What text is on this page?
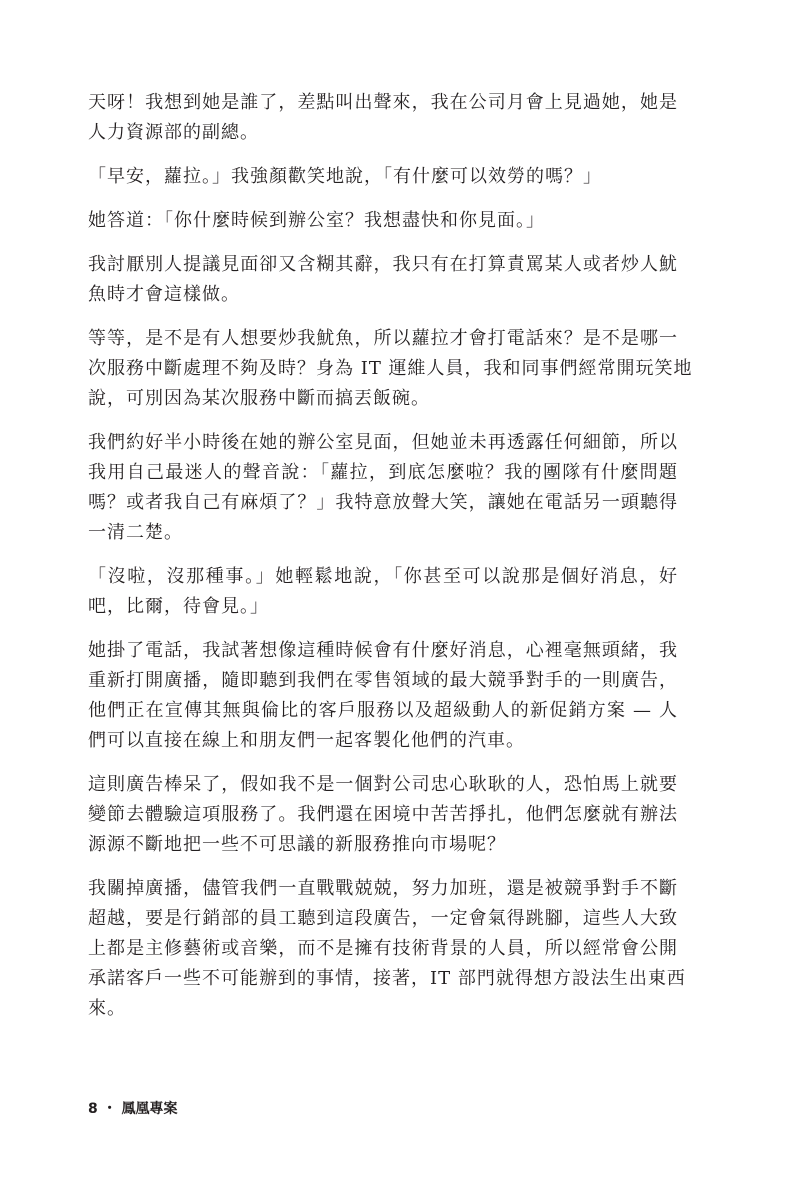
天呀！我想到她是誰了，差點叫出聲來，我在公司月會上見過她，她是
人力資源部的副總。
「早安，蘿拉。」我強顏歡笑地說，「有什麼可以效勞的嗎？」
她答道：「你什麼時候到辦公室？我想盡快和你見面。」
我討厭別人提議見面卻又含糊其辭，我只有在打算責罵某人或者炒人魷
魚時才會這樣做。
等等，是不是有人想要炒我魷魚，所以蘿拉才會打電話來？是不是哪一
次服務中斷處理不夠及時？身為 IT 運維人員，我和同事們經常開玩笑地
說，可別因為某次服務中斷而搞丟飯碗。
我們約好半小時後在她的辦公室見面，但她並未再透露任何細節，所以
我用自己最迷人的聲音說：「蘿拉，到底怎麼啦？我的團隊有什麼問題
嗎？或者我自己有麻煩了？」我特意放聲大笑，讓她在電話另一頭聽得
一清二楚。
「沒啦，沒那種事。」她輕鬆地說，「你甚至可以說那是個好消息，好
吧，比爾，待會見。」
她掛了電話，我試著想像這種時候會有什麼好消息，心裡毫無頭緒，我
重新打開廣播，隨即聽到我們在零售領域的最大競爭對手的一則廣告，
他們正在宣傳其無與倫比的客戶服務以及超級動人的新促銷方案 — 人
們可以直接在線上和朋友們一起客製化他們的汽車。
這則廣告棒呆了，假如我不是一個對公司忠心耿耿的人，恐怕馬上就要
變節去體驗這項服務了。我們還在困境中苦苦掙扎，他們怎麼就有辦法
源源不斷地把一些不可思議的新服務推向市場呢？
我關掉廣播，儘管我們一直戰戰兢兢，努力加班，還是被競爭對手不斷
超越，要是行銷部的員工聽到這段廣告，一定會氣得跳腳，這些人大致
上都是主修藝術或音樂，而不是擁有技術背景的人員，所以經常會公開
承諾客戶一些不可能辦到的事情，接著，IT 部門就得想方設法生出東西
來。
8 ・ 鳳凰專案
